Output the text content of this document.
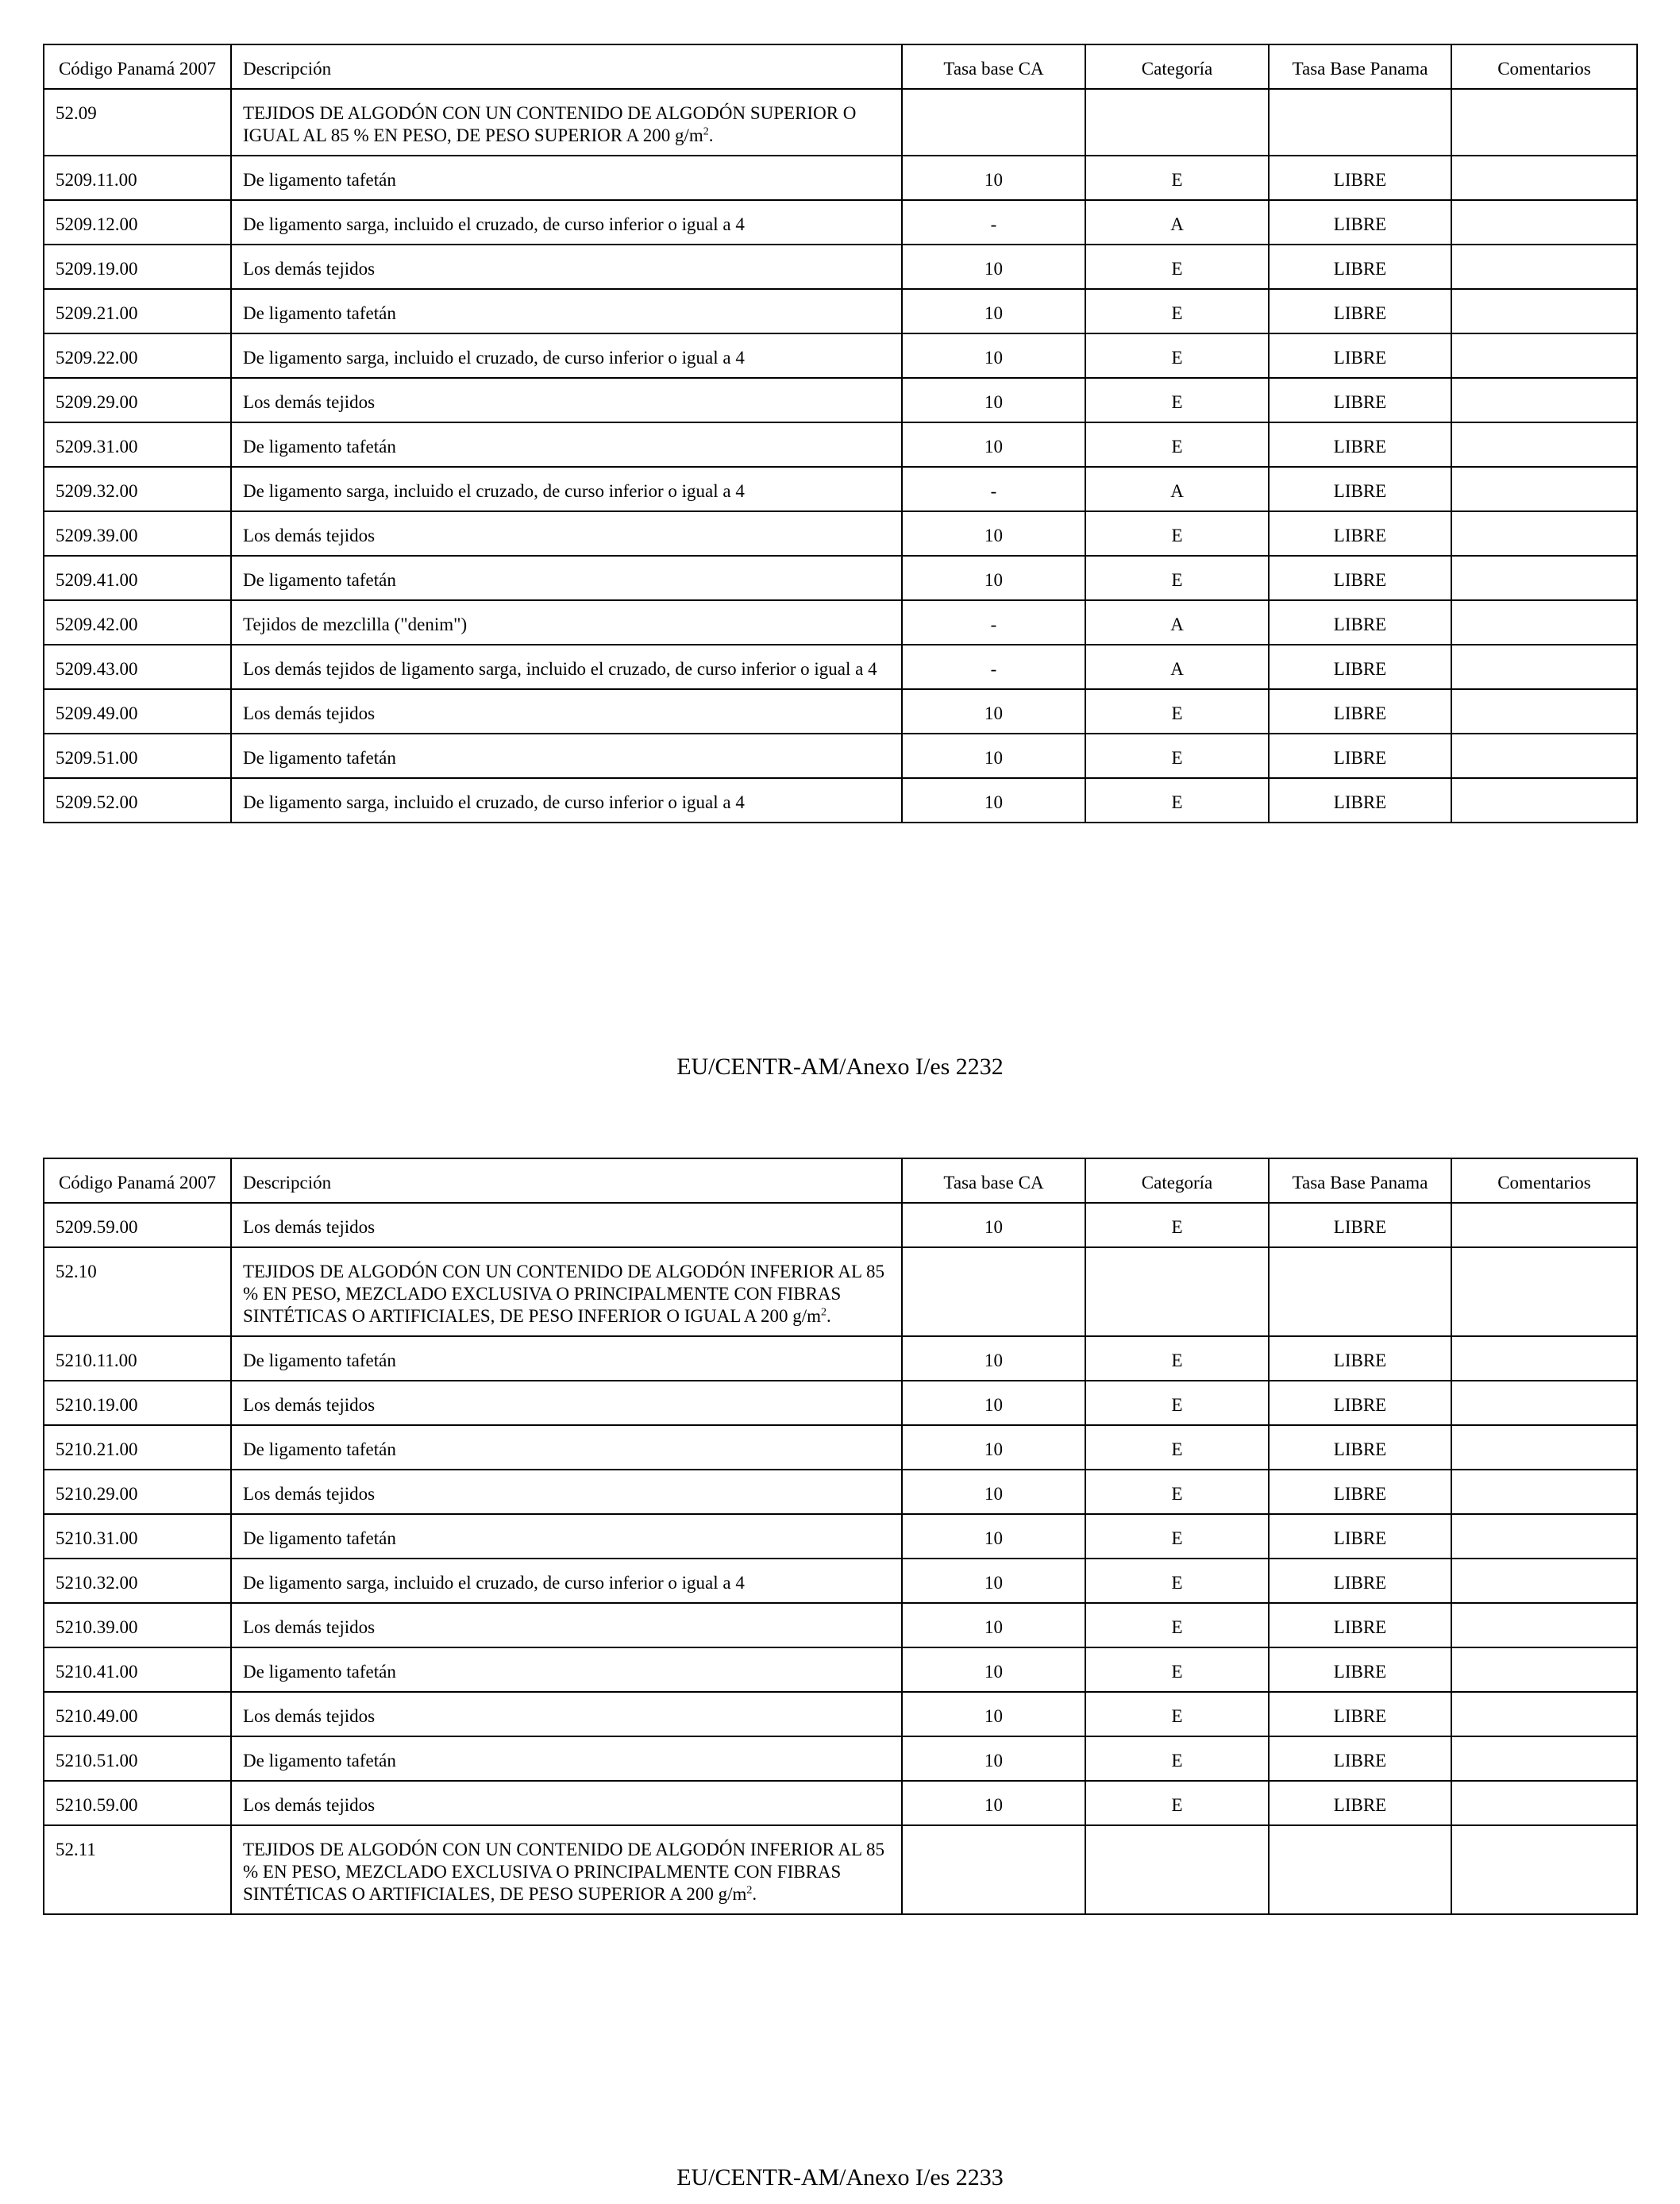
Código Panamá 2007	Descripción	Tasa base CA	Categoría	Tasa Base Panama	Comentarios
52.09	TEJIDOS DE ALGODÓN CON UN CONTENIDO DE ALGODÓN SUPERIOR O IGUAL AL 85 % EN PESO, DE PESO SUPERIOR A 200 $g/m^2$.				
5209.11.00	De ligamento tafetán	10	E	LIBRE	
5209.12.00	De ligamento sarga, incluido el cruzado, de curso inferior o igual a 4	-	A	LIBRE	
5209.19.00	Los demás tejidos	10	E	LIBRE	
5209.21.00	De ligamento tafetán	10	E	LIBRE	
5209.22.00	De ligamento sarga, incluido el cruzado, de curso inferior o igual a 4	10	E	LIBRE	
5209.29.00	Los demás tejidos	10	E	LIBRE	
5209.31.00	De ligamento tafetán	10	E	LIBRE	
5209.32.00	De ligamento sarga, incluido el cruzado, de curso inferior o igual a 4	-	A	LIBRE	
5209.39.00	Los demás tejidos	10	E	LIBRE	
5209.41.00	De ligamento tafetán	10	E	LIBRE	
5209.42.00	Tejidos de mezclilla ("denim")	-	A	LIBRE	
5209.43.00	Los demás tejidos de ligamento sarga, incluido el cruzado, de curso inferior o igual a 4	-	A	LIBRE	
5209.49.00	Los demás tejidos	10	E	LIBRE	
5209.51.00	De ligamento tafetán	10	E	LIBRE	
5209.52.00	De ligamento sarga, incluido el cruzado, de curso inferior o igual a 4	10	E	LIBRE	
EU/CENTR-AM/Anexo I/es 2232
Código Panamá 2007	Descripción	Tasa base CA	Categoría	Tasa Base Panama	Comentarios
5209.59.00	Los demás tejidos	10	E	LIBRE	
52.10	TEJIDOS DE ALGODÓN CON UN CONTENIDO DE ALGODÓN INFERIOR AL 85 % EN PESO, MEZCLADO EXCLUSIVA O PRINCIPALMENTE CON FIBRAS SINTÉTICAS O ARTIFICIALES, DE PESO INFERIOR O IGUAL A 200 $g/m^2$.				
5210.11.00	De ligamento tafetán	10	E	LIBRE	
5210.19.00	Los demás tejidos	10	E	LIBRE	
5210.21.00	De ligamento tafetán	10	E	LIBRE	
5210.29.00	Los demás tejidos	10	E	LIBRE	
5210.31.00	De ligamento tafetán	10	E	LIBRE	
5210.32.00	De ligamento sarga, incluido el cruzado, de curso inferior o igual a 4	10	E	LIBRE	
5210.39.00	Los demás tejidos	10	E	LIBRE	
5210.41.00	De ligamento tafetán	10	E	LIBRE	
5210.49.00	Los demás tejidos	10	E	LIBRE	
5210.51.00	De ligamento tafetán	10	E	LIBRE	
5210.59.00	Los demás tejidos	10	E	LIBRE	
52.11	TEJIDOS DE ALGODÓN CON UN CONTENIDO DE ALGODÓN INFERIOR AL 85 % EN PESO, MEZCLADO EXCLUSIVA O PRINCIPALMENTE CON FIBRAS SINTÉTICAS O ARTIFICIALES, DE PESO SUPERIOR A 200 $g/m^2$.				
EU/CENTR-AM/Anexo I/es 2233
